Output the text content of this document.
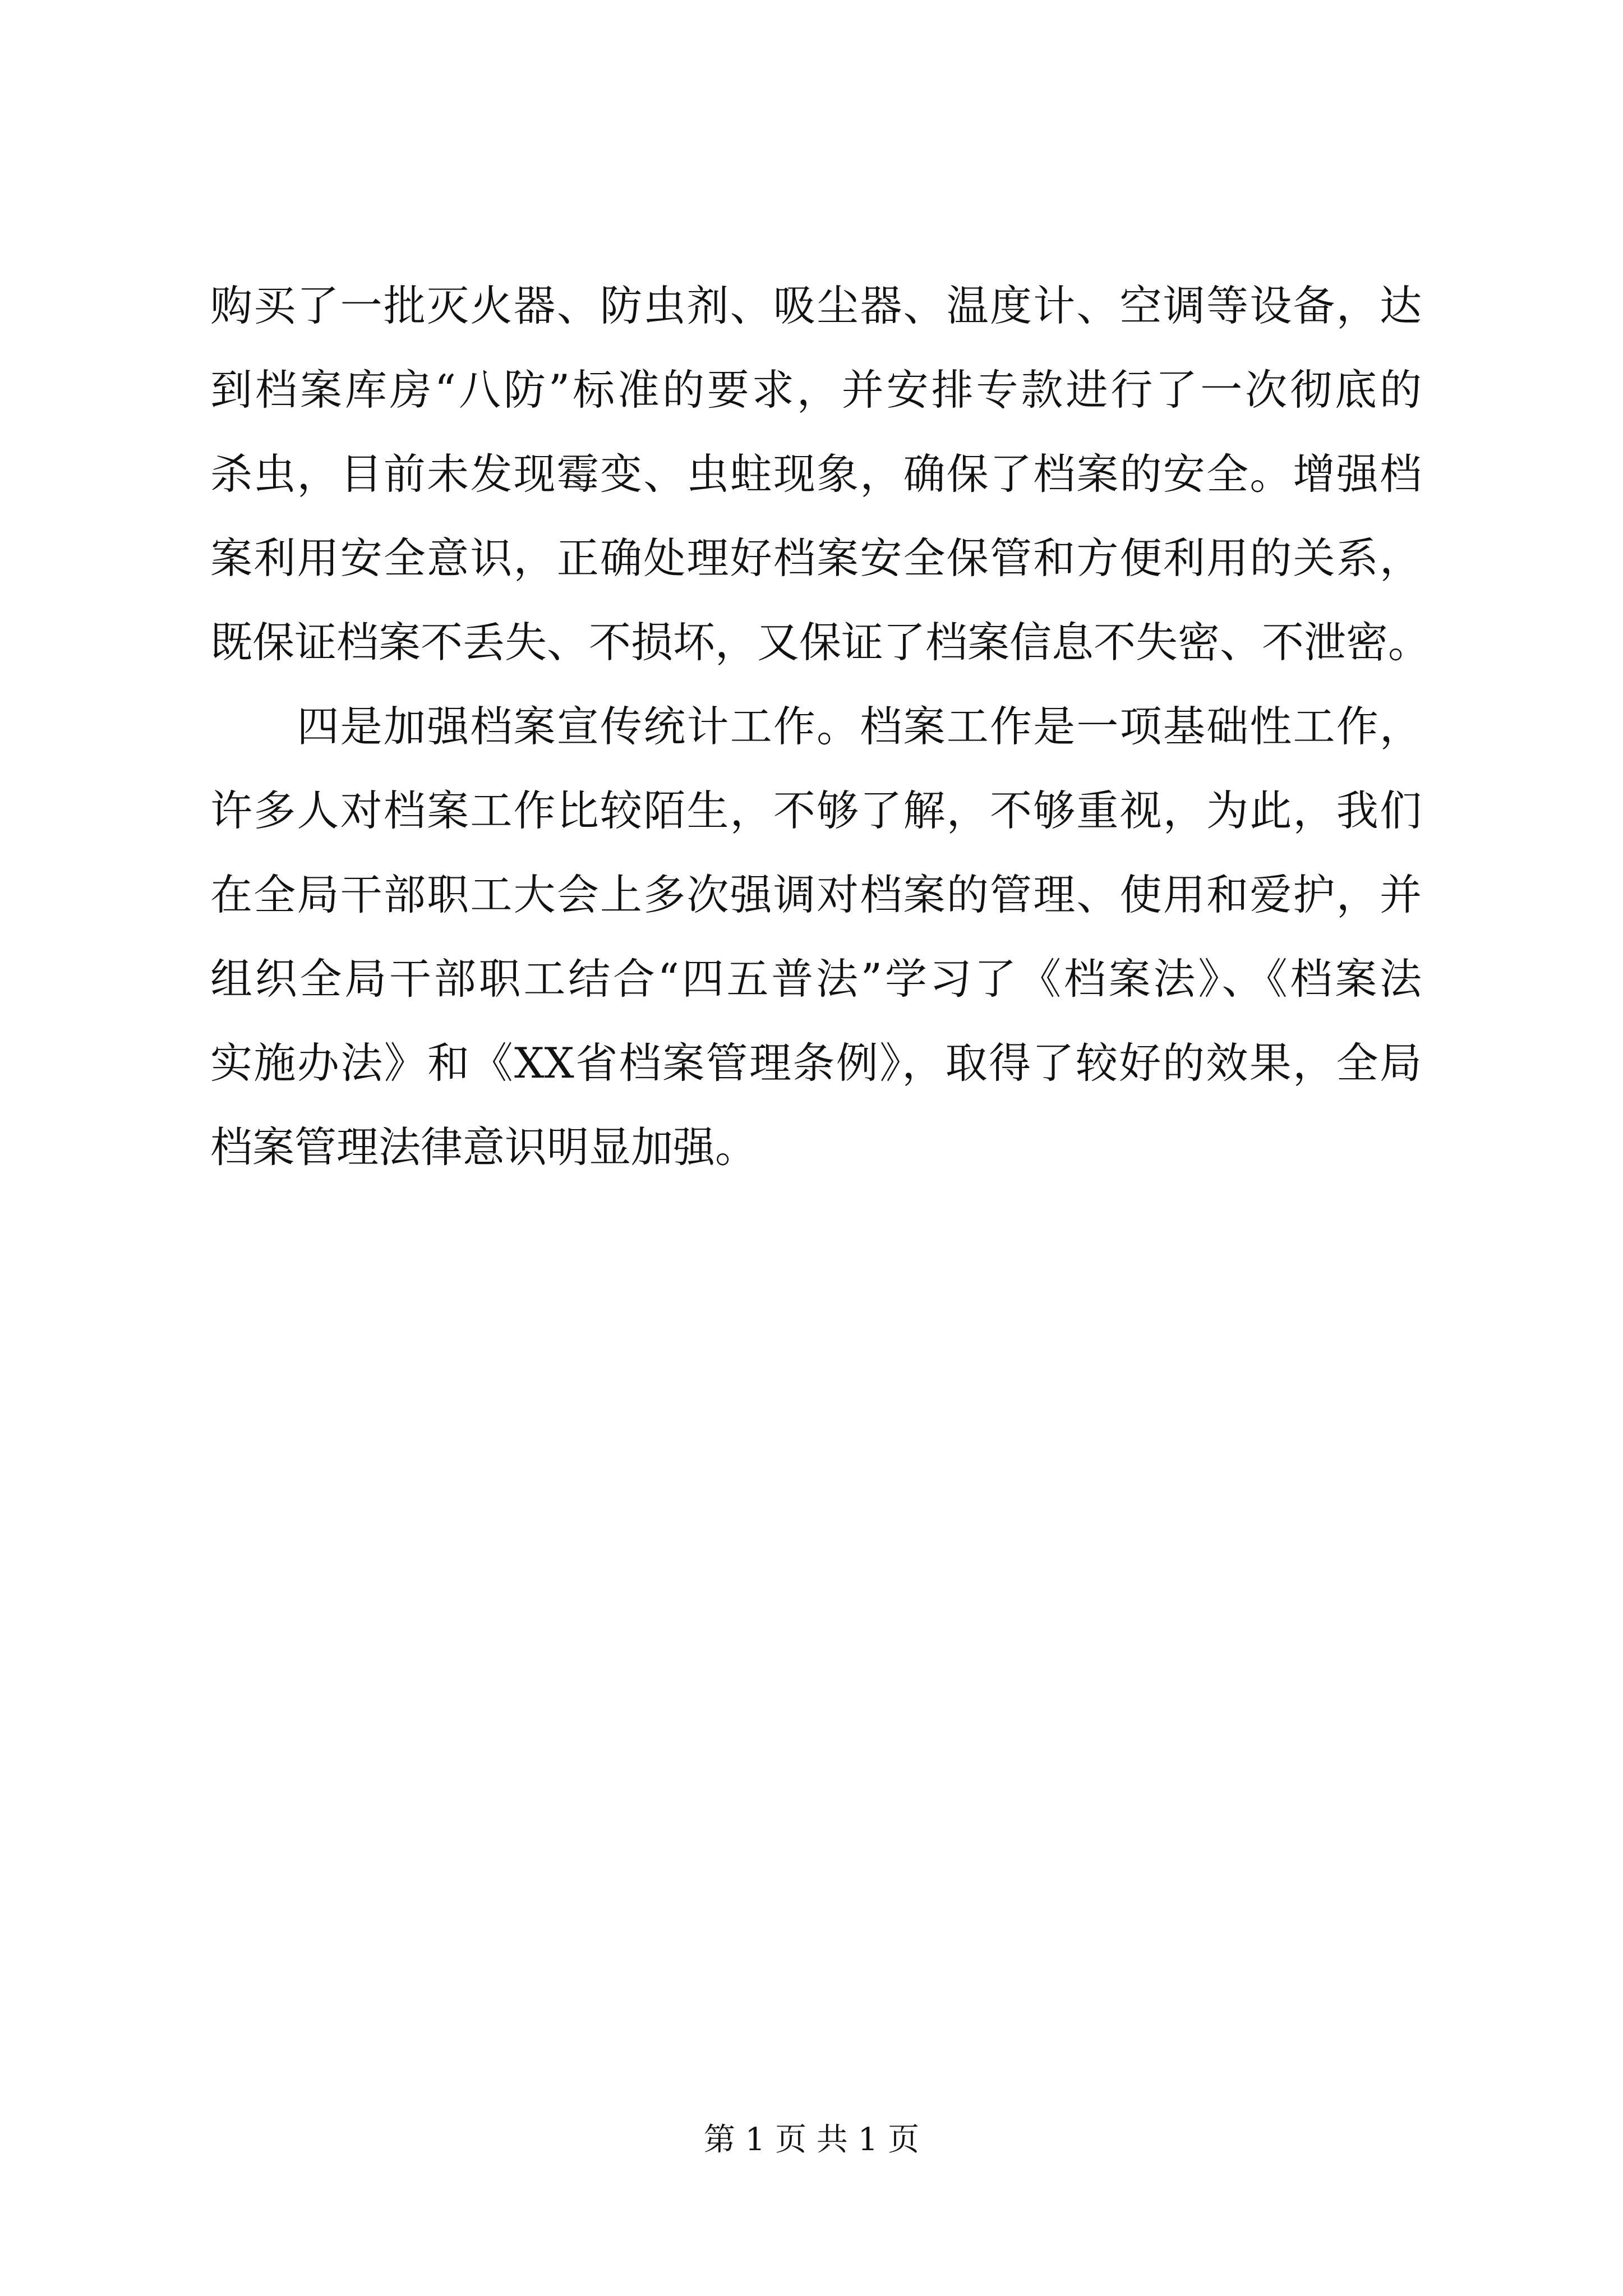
购买了一批灭火器、防虫剂、吸尘器、温度计、空调等设备，达
到档案库房“八防”标准的要求，并安排专款进行了一次彻底的
杀虫，目前未发现霉变、虫蛀现象，确保了档案的安全。增强档
案利用安全意识，正确处理好档案安全保管和方便利用的关系，
既保证档案不丢失、不损坏，又保证了档案信息不失密、不泄密。
　　四是加强档案宣传统计工作。档案工作是一项基础性工作，
许多人对档案工作比较陌生，不够了解，不够重视，为此，我们
在全局干部职工大会上多次强调对档案的管理、使用和爱护，并
组织全局干部职工结合“四五普法”学习了《档案法》、《档案法
实施办法》和《XX省档案管理条例》，取得了较好的效果，全局
档案管理法律意识明显加强。
第 1 页 共 1 页
